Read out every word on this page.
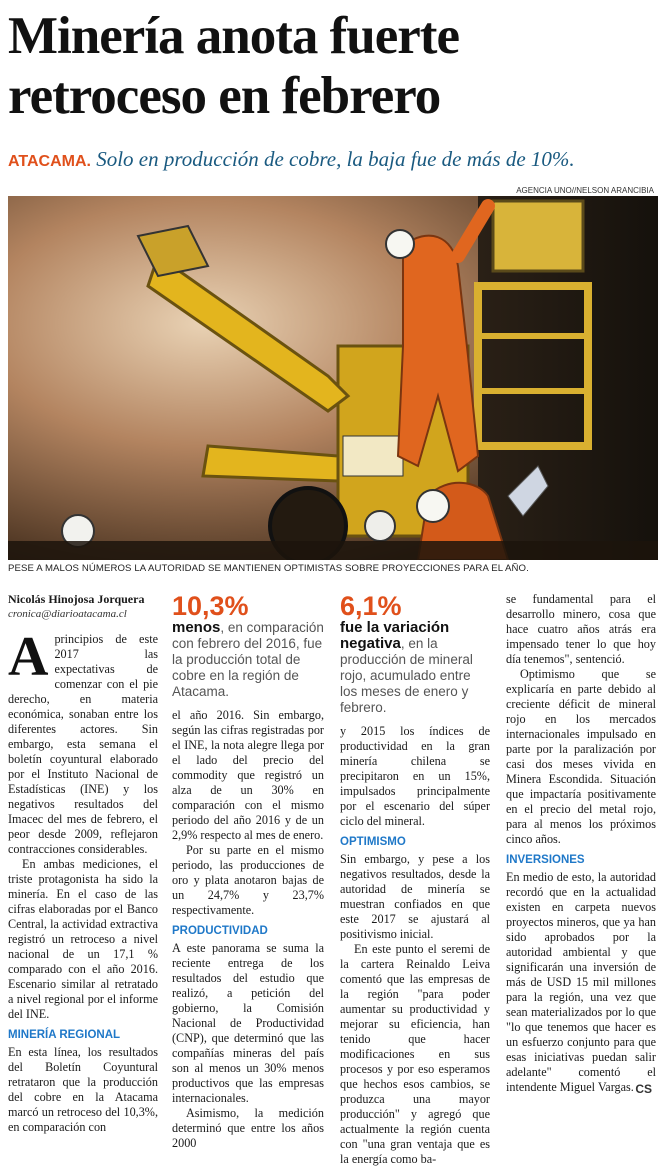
Minería anota fuerte
retroceso en febrero
ATACAMA. Solo en producción de cobre, la baja fue de más de 10%.
AGENCIA UNO//NELSON ARANCIBIA
PESE A MALOS NÚMEROS LA AUTORIDAD SE MANTIENEN OPTIMISTAS SOBRE PROYECCIONES PARA EL AÑO.
Nicolás Hinojosa Jorquera
cronica@diarioatacama.cl

Aprincipios de este 2017 las expectativas de comenzar con el pie derecho, en materia económica, sonaban entre los diferentes actores. Sin embargo, esta semana el boletín coyuntural elaborado por el Instituto Nacional de Estadísticas (INE) y los negativos resultados del Imacec del mes de febrero, el peor desde 2009, reflejaron contracciones considerables.

En ambas mediciones, el triste protagonista ha sido la minería. En el caso de las cifras elaboradas por el Banco Central, la actividad extractiva registró un retroceso a nivel nacional de un 17,1 % comparado con el año 2016. Escenario similar al retratado a nivel regional por el informe del INE.

MINERÍA REGIONAL

En esta línea, los resultados del Boletín Coyuntural retrataron que la producción del cobre en la Atacama marcó un retroceso del 10,3%, en comparación con

10,3%
menos, en comparación con febrero del 2016, fue la producción total de cobre en la región de Atacama.

el año 2016. Sin embargo, según las cifras registradas por el INE, la nota alegre llega por el lado del precio del commodity que registró un alza de un 30% en comparación con el mismo periodo del año 2016 y de un 2,9% respecto al mes de enero.

Por su parte en el mismo periodo, las producciones de oro y plata anotaron bajas de un 24,7% y 23,7% respectivamente.

PRODUCTIVIDAD

A este panorama se suma la reciente entrega de los resultados del estudio que realizó, a petición del gobierno, la Comisión Nacional de Productividad (CNP), que determinó que las compañías mineras del país son al menos un 30% menos productivos que las empresas internacionales.

Asimismo, la medición determinó que entre los años 2000

6,1%
fue la variación negativa, en la producción de mineral rojo, acumulado entre los meses de enero y febrero.

y 2015 los índices de productividad en la gran minería chilena se precipitaron en un 15%, impulsados principalmente por el escenario del súper ciclo del mineral.

OPTIMISMO

Sin embargo, y pese a los negativos resultados, desde la autoridad de minería se muestran confiados en que este 2017 se ajustará al positivismo inicial.

En este punto el seremi de la cartera Reinaldo Leiva comentó que las empresas de la región "para poder aumentar su productividad y mejorar su eficiencia, han tenido que hacer modificaciones en sus procesos y por eso esperamos que hechos esos cambios, se produzca una mayor producción" y agregó que actualmente la región cuenta con "una gran ventaja que es la energía como ba-

se fundamental para el desarrollo minero, cosa que hace cuatro años atrás era impensado tener lo que hoy día tenemos", sentenció.

Optimismo que se explicaría en parte debido al creciente déficit de mineral rojo en los mercados internacionales impulsado en parte por la paralización por casi dos meses vivida en Minera Escondida. Situación que impactaría positivamente en el precio del metal rojo, para al menos los próximos cinco años.

INVERSIONES

En medio de esto, la autoridad recordó que en la actualidad existen en carpeta nuevos proyectos mineros, que ya han sido aprobados por la autoridad ambiental y que significarán una inversión de más de USD 15 mil millones para la región, una vez que sean materializados por lo que "lo que tenemos que hacer es un esfuerzo conjunto para que esas iniciativas puedan salir adelante" comentó el intendente Miguel Vargas. CS
